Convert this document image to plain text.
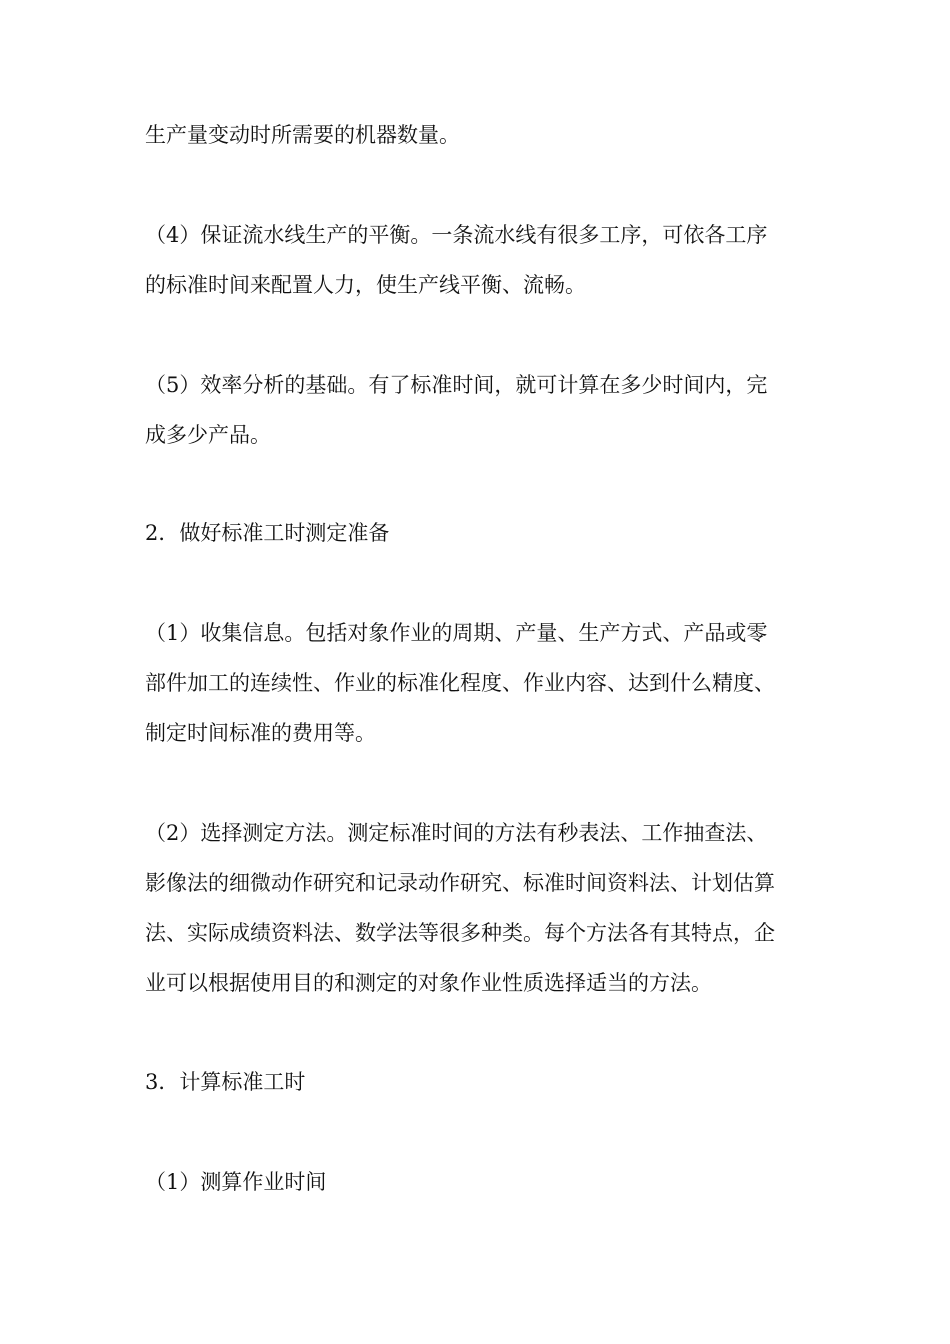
生产量变动时所需要的机器数量。

（4）保证流水线生产的平衡。一条流水线有很多工序，可依各工序
的标准时间来配置人力，使生产线平衡、流畅。

（5）效率分析的基础。有了标准时间，就可计算在多少时间内，完
成多少产品。

2．做好标准工时测定准备

（1）收集信息。包括对象作业的周期、产量、生产方式、产品或零
部件加工的连续性、作业的标准化程度、作业内容、达到什么精度、
制定时间标准的费用等。

（2）选择测定方法。测定标准时间的方法有秒表法、工作抽查法、
影像法的细微动作研究和记录动作研究、标准时间资料法、计划估算
法、实际成绩资料法、数学法等很多种类。每个方法各有其特点，企
业可以根据使用目的和测定的对象作业性质选择适当的方法。

3．计算标准工时

（1）测算作业时间
